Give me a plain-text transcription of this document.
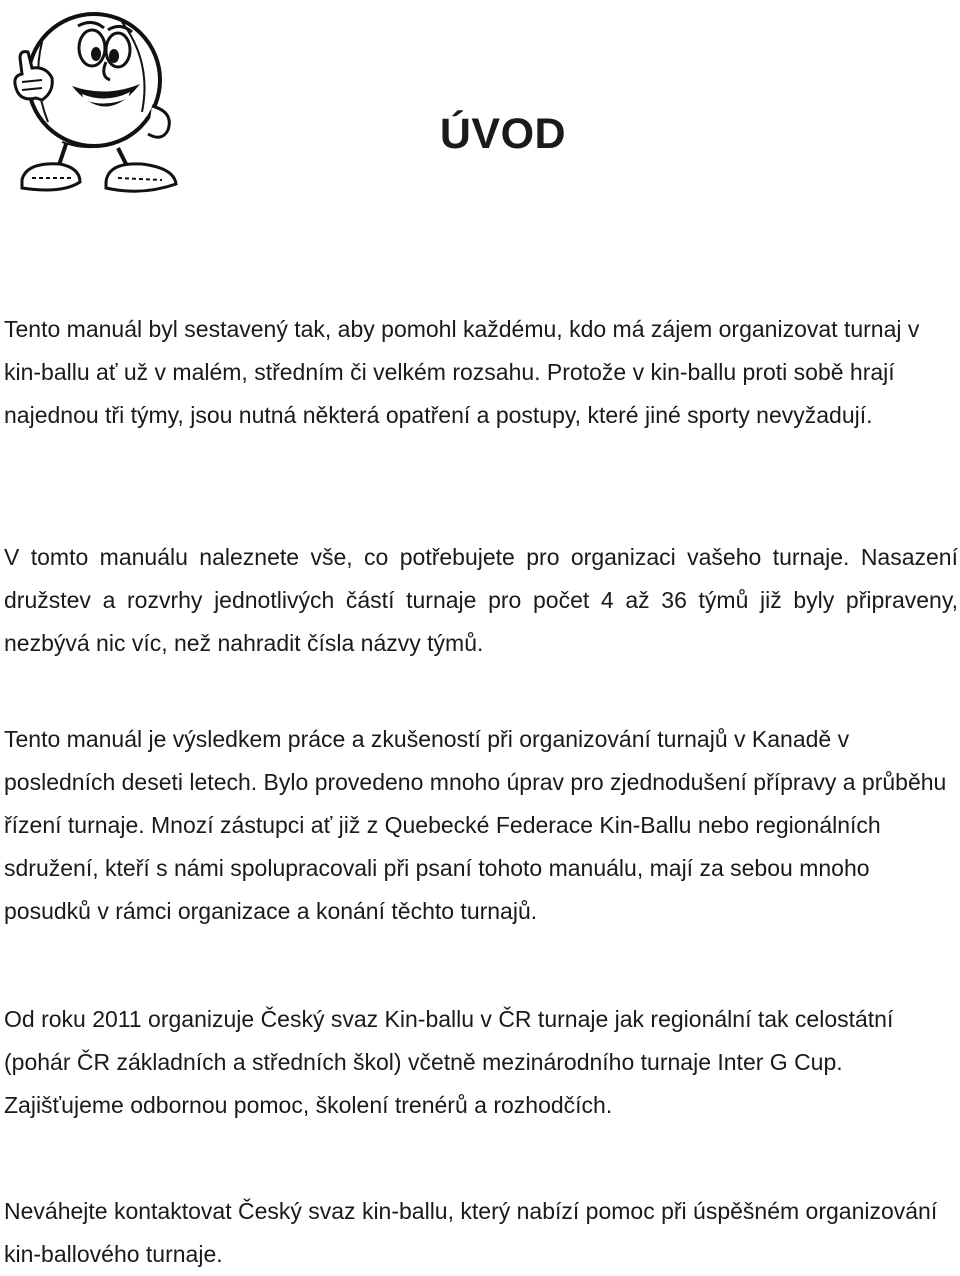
ÚVOD

Tento manuál byl sestavený tak, aby pomohl každému, kdo má zájem organizovat turnaj v kin-ballu ať už v malém, středním či velkém rozsahu. Protože v kin-ballu proti sobě hrají najednou tři týmy, jsou nutná některá opatření a postupy, které jiné sporty nevyžadují.

V tomto manuálu naleznete vše, co potřebujete pro organizaci vašeho turnaje. Nasazení družstev a rozvrhy jednotlivých částí turnaje pro počet 4 až 36 týmů již byly připraveny, nezbývá nic víc, než nahradit čísla názvy týmů.

Tento manuál je výsledkem práce a zkušeností při organizování turnajů v Kanadě v posledních deseti letech. Bylo provedeno mnoho úprav pro zjednodušení přípravy a průběhu řízení turnaje. Mnozí zástupci ať již z Quebecké Federace Kin-Ballu nebo regionálních sdružení, kteří s námi spolupracovali při psaní tohoto manuálu, mají za sebou mnoho posudků v rámci organizace a konání těchto turnajů.

Od roku 2011 organizuje Český svaz Kin-ballu v ČR turnaje jak regionální tak celostátní (pohár ČR základních a středních škol) včetně mezinárodního turnaje Inter G Cup. Zajišťujeme odbornou pomoc, školení trenérů a rozhodčích.

Neváhejte kontaktovat Český svaz kin-ballu, který nabízí pomoc při úspěšném organizování kin-ballového turnaje.
